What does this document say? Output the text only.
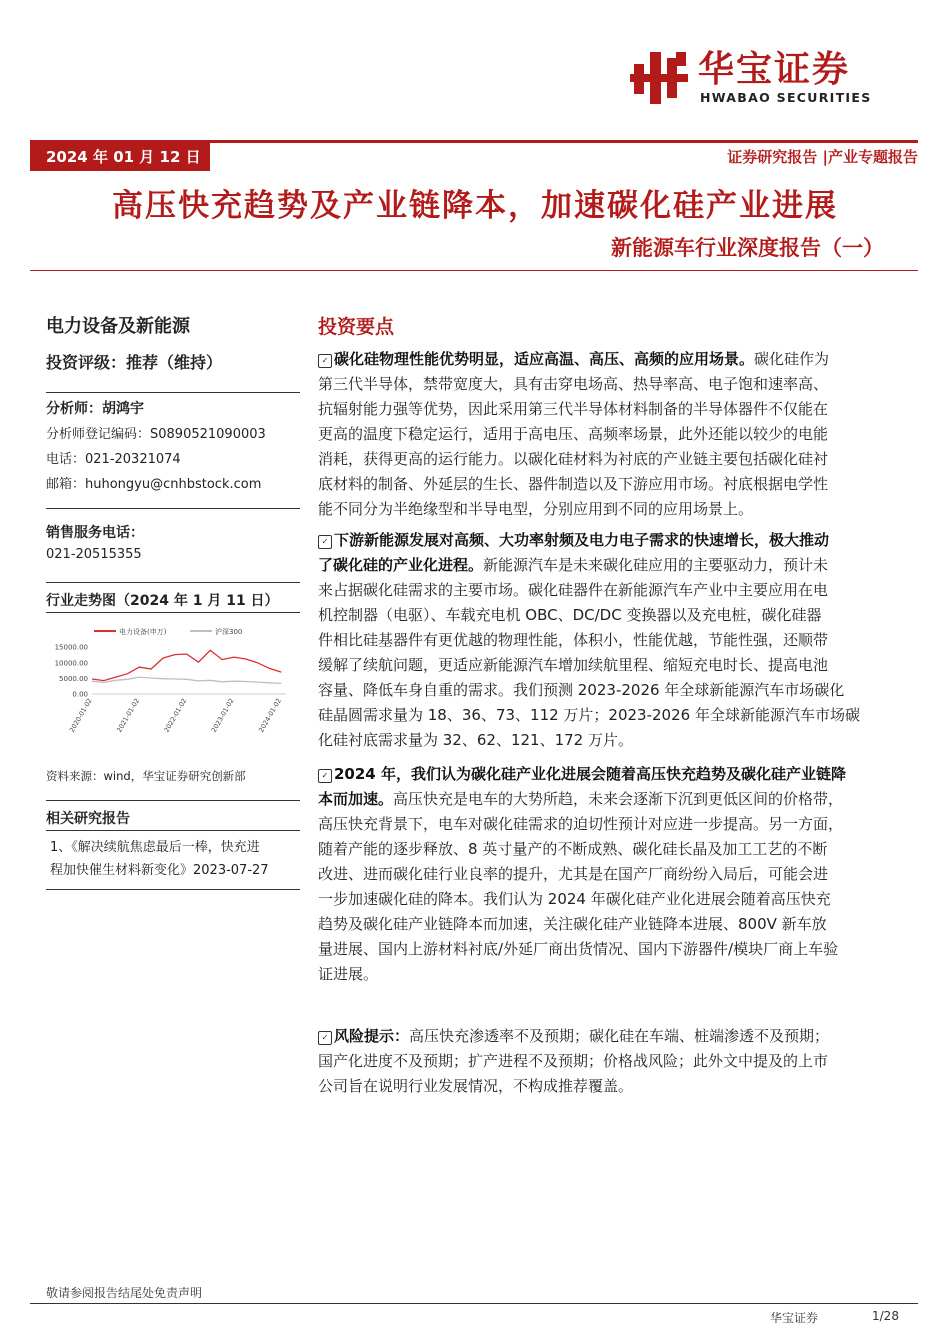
华宝证券
HWABAO SECURITIES
2024 年 01 月 12 日	证券研究报告 |产业专题报告
高压快充趋势及产业链降本，加速碳化硅产业进展
新能源车行业深度报告（一）
电力设备及新能源
投资评级：推荐（维持）
分析师：胡鸿宇
分析师登记编码：S0890521090003
电话：021-20321074
邮箱：huhongyu@cnhbstock.com
销售服务电话：
021-20515355
行业走势图（2024 年 1 月 11 日）
电力设备(申万)	沪深300
15000.00
10000.00
5000.00
0.00
2020-01-02	2021-01-02	2022-01-02	2023-01-02	2024-01-02
资料来源：wind，华宝证券研究创新部
相关研究报告
1、《解决续航焦虑最后一棒，快充进
程加快催生材料新变化》2023-07-27
投资要点
✓ 碳化硅物理性能优势明显，适应高温、高压、高频的应用场景。碳化硅作为
第三代半导体，禁带宽度大，具有击穿电场高、热导率高、电子饱和速率高、
抗辐射能力强等优势，因此采用第三代半导体材料制备的半导体器件不仅能在
更高的温度下稳定运行，适用于高电压、高频率场景，此外还能以较少的电能
消耗，获得更高的运行能力。以碳化硅材料为衬底的产业链主要包括碳化硅衬
底材料的制备、外延层的生长、器件制造以及下游应用市场。衬底根据电学性
能不同分为半绝缘型和半导电型，分别应用到不同的应用场景上。
✓ 下游新能源发展对高频、大功率射频及电力电子需求的快速增长，极大推动
了碳化硅的产业化进程。新能源汽车是未来碳化硅应用的主要驱动力，预计未
来占据碳化硅需求的主要市场。碳化硅器件在新能源汽车产业中主要应用在电
机控制器（电驱）、车载充电机 OBC、DC/DC 变换器以及充电桩，碳化硅器
件相比硅基器件有更优越的物理性能，体积小，性能优越，节能性强，还顺带
缓解了续航问题，更适应新能源汽车增加续航里程、缩短充电时长、提高电池
容量、降低车身自重的需求。我们预测 2023-2026 年全球新能源汽车市场碳化
硅晶圆需求量为 18、36、73、112 万片；2023-2026 年全球新能源汽车市场碳
化硅衬底需求量为 32、62、121、172 万片。
✓ 2024 年，我们认为碳化硅产业化进展会随着高压快充趋势及碳化硅产业链降
本而加速。高压快充是电车的大势所趋，未来会逐渐下沉到更低区间的价格带，
高压快充背景下，电车对碳化硅需求的迫切性预计对应进一步提高。另一方面，
随着产能的逐步释放、8 英寸量产的不断成熟、碳化硅长晶及加工工艺的不断
改进、进而碳化硅行业良率的提升，尤其是在国产厂商纷纷入局后，可能会进
一步加速碳化硅的降本。我们认为 2024 年碳化硅产业化进展会随着高压快充
趋势及碳化硅产业链降本而加速，关注碳化硅产业链降本进展、800V 新车放
量进展、国内上游材料衬底/外延厂商出货情况、国内下游器件/模块厂商上车验
证进展。
✓ 风险提示：高压快充渗透率不及预期；碳化硅在车端、桩端渗透不及预期；
国产化进度不及预期；扩产进程不及预期；价格战风险；此外文中提及的上市
公司旨在说明行业发展情况，不构成推荐覆盖。
敬请参阅报告结尾处免责声明
华宝证券	1/28
